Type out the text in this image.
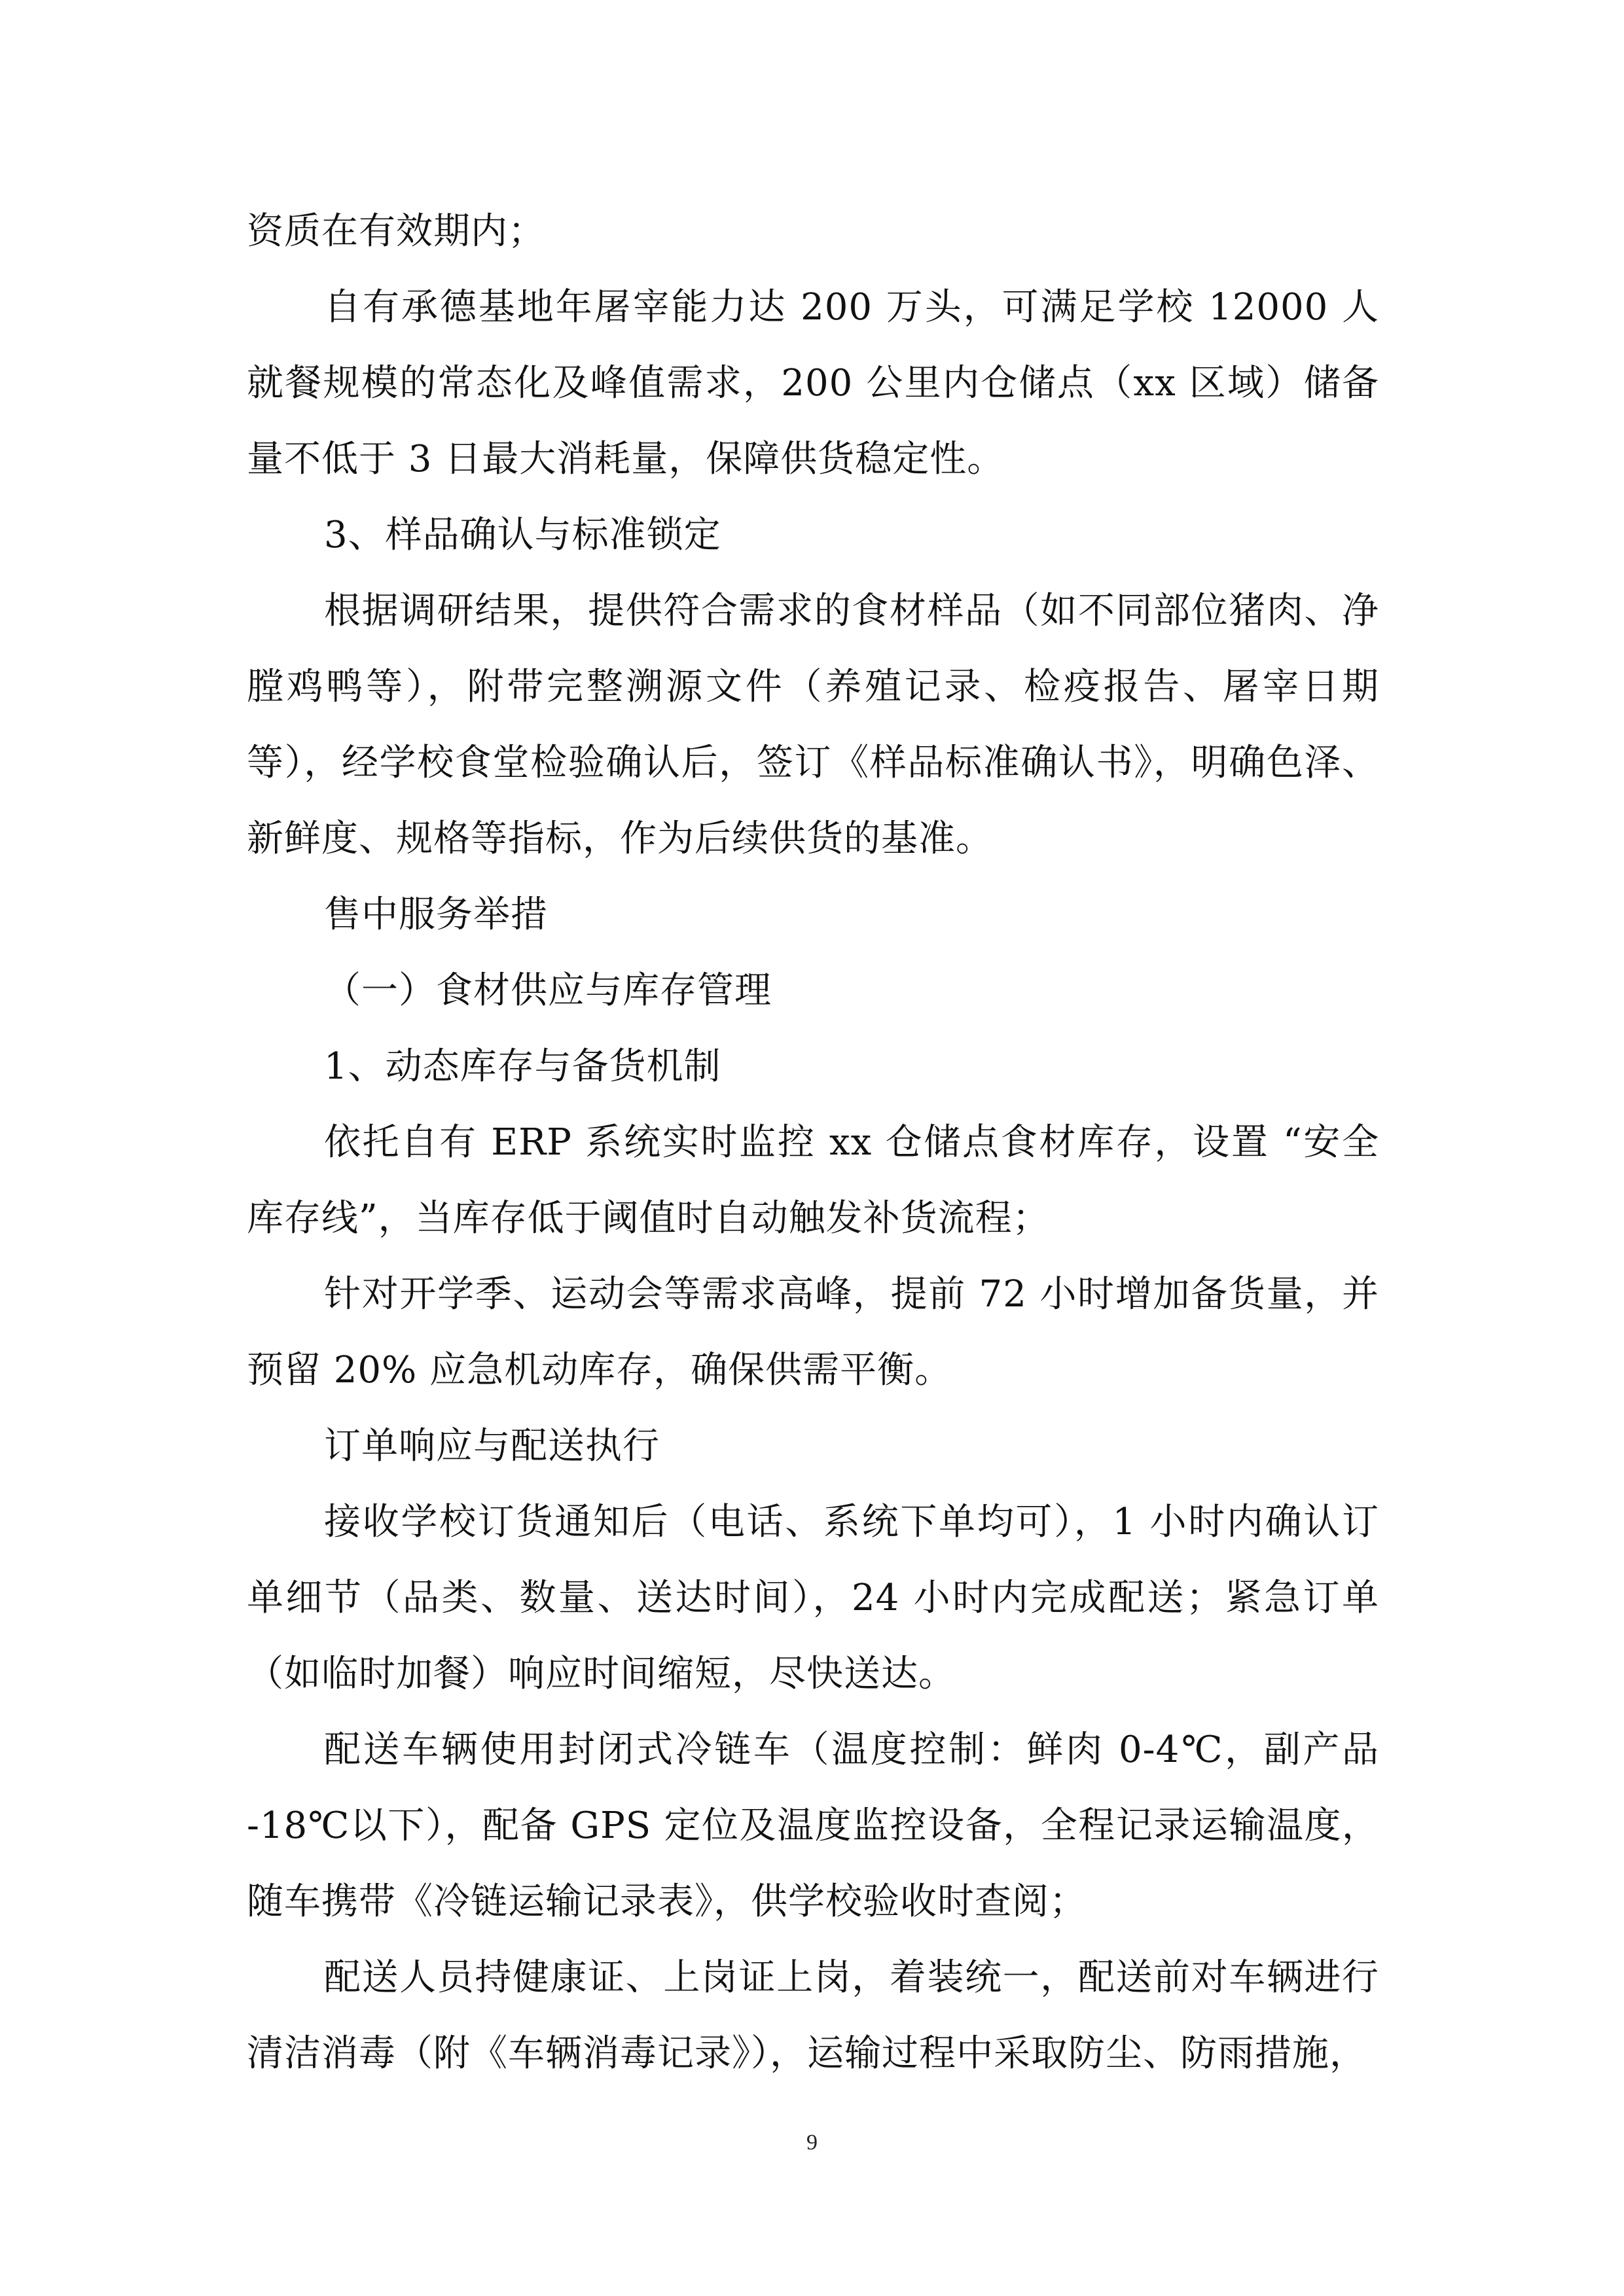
资质在有效期内；

自有承德基地年屠宰能力达 200 万头，可满足学校 12000 人就餐规模的常态化及峰值需求，200 公里内仓储点（xx 区域）储备量不低于 3 日最大消耗量，保障供货稳定性。

3、样品确认与标准锁定

根据调研结果，提供符合需求的食材样品（如不同部位猪肉、净膛鸡鸭等），附带完整溯源文件（养殖记录、检疫报告、屠宰日期等），经学校食堂检验确认后，签订《样品标准确认书》，明确色泽、新鲜度、规格等指标，作为后续供货的基准。

售中服务举措

（一）食材供应与库存管理

1、动态库存与备货机制

依托自有 ERP 系统实时监控 xx 仓储点食材库存，设置 “安全库存线”，当库存低于阈值时自动触发补货流程；

针对开学季、运动会等需求高峰，提前 72 小时增加备货量，并预留 20% 应急机动库存，确保供需平衡。

订单响应与配送执行

接收学校订货通知后（电话、系统下单均可），1 小时内确认订单细节（品类、数量、送达时间），24 小时内完成配送；紧急订单（如临时加餐）响应时间缩短，尽快送达。

配送车辆使用封闭式冷链车（温度控制：鲜肉 0-4℃，副产品 -18℃以下），配备 GPS 定位及温度监控设备，全程记录运输温度，随车携带《冷链运输记录表》，供学校验收时查阅；

配送人员持健康证、上岗证上岗，着装统一，配送前对车辆进行清洁消毒（附《车辆消毒记录》），运输过程中采取防尘、防雨措施，

9
